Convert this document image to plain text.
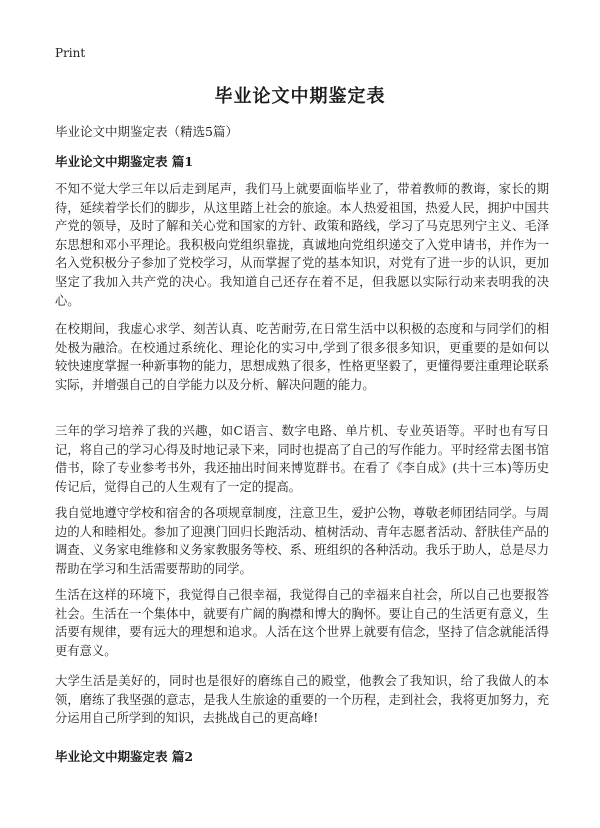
Print
毕业论文中期鉴定表
毕业论文中期鉴定表（精选5篇）
毕业论文中期鉴定表 篇1
不知不觉大学三年以后走到尾声，我们马上就要面临毕业了，带着教师的教诲，家长的期待，延续着学长们的脚步，从这里踏上社会的旅途。本人热爱祖国，热爱人民，拥护中国共产党的领导，及时了解和关心党和国家的方针、政策和路线，学习了马克思列宁主义、毛泽东思想和邓小平理论。我积极向党组织靠拢，真诚地向党组织递交了入党申请书，并作为一名入党积极分子参加了党校学习，从而掌握了党的基本知识，对党有了进一步的认识，更加坚定了我加入共产党的决心。我知道自己还存在着不足，但我愿以实际行动来表明我的决心。
在校期间，我虚心求学、刻苦认真、吃苦耐劳,在日常生活中以积极的态度和与同学们的相处极为融洽。在校通过系统化、理论化的实习中,学到了很多很多知识，更重要的是如何以较快速度掌握一种新事物的能力，思想成熟了很多，性格更坚毅了，更懂得要注重理论联系实际，并增强自己的自学能力以及分析、解决问题的能力。
三年的学习培养了我的兴趣，如C语言、数字电路、单片机、专业英语等。平时也有写日记，将自己的学习心得及时地记录下来，同时也提高了自己的写作能力。平时经常去图书馆借书，除了专业参考书外，我还抽出时间来博览群书。在看了《李自成》(共十三本)等历史传记后，觉得自己的人生观有了一定的提高。
我自觉地遵守学校和宿舍的各项规章制度，注意卫生，爱护公物，尊敬老师团结同学。与周边的人和睦相处。参加了迎澳门回归长跑活动、植树活动、青年志愿者活动、舒肤佳产品的调查、义务家电维修和义务家教服务等校、系、班组织的各种活动。我乐于助人，总是尽力帮助在学习和生活需要帮助的同学。
生活在这样的环境下，我觉得自己很幸福，我觉得自己的幸福来自社会，所以自己也要报答社会。生活在一个集体中，就要有广阔的胸襟和博大的胸怀。要让自己的生活更有意义，生活要有规律，要有远大的理想和追求。人活在这个世界上就要有信念，坚持了信念就能活得更有意义。
大学生活是美好的，同时也是很好的磨练自己的殿堂，他教会了我知识，给了我做人的本领，磨练了我坚强的意志，是我人生旅途的重要的一个历程，走到社会，我将更加努力，充分运用自己所学到的知识，去挑战自己的更高峰!
毕业论文中期鉴定表 篇2
